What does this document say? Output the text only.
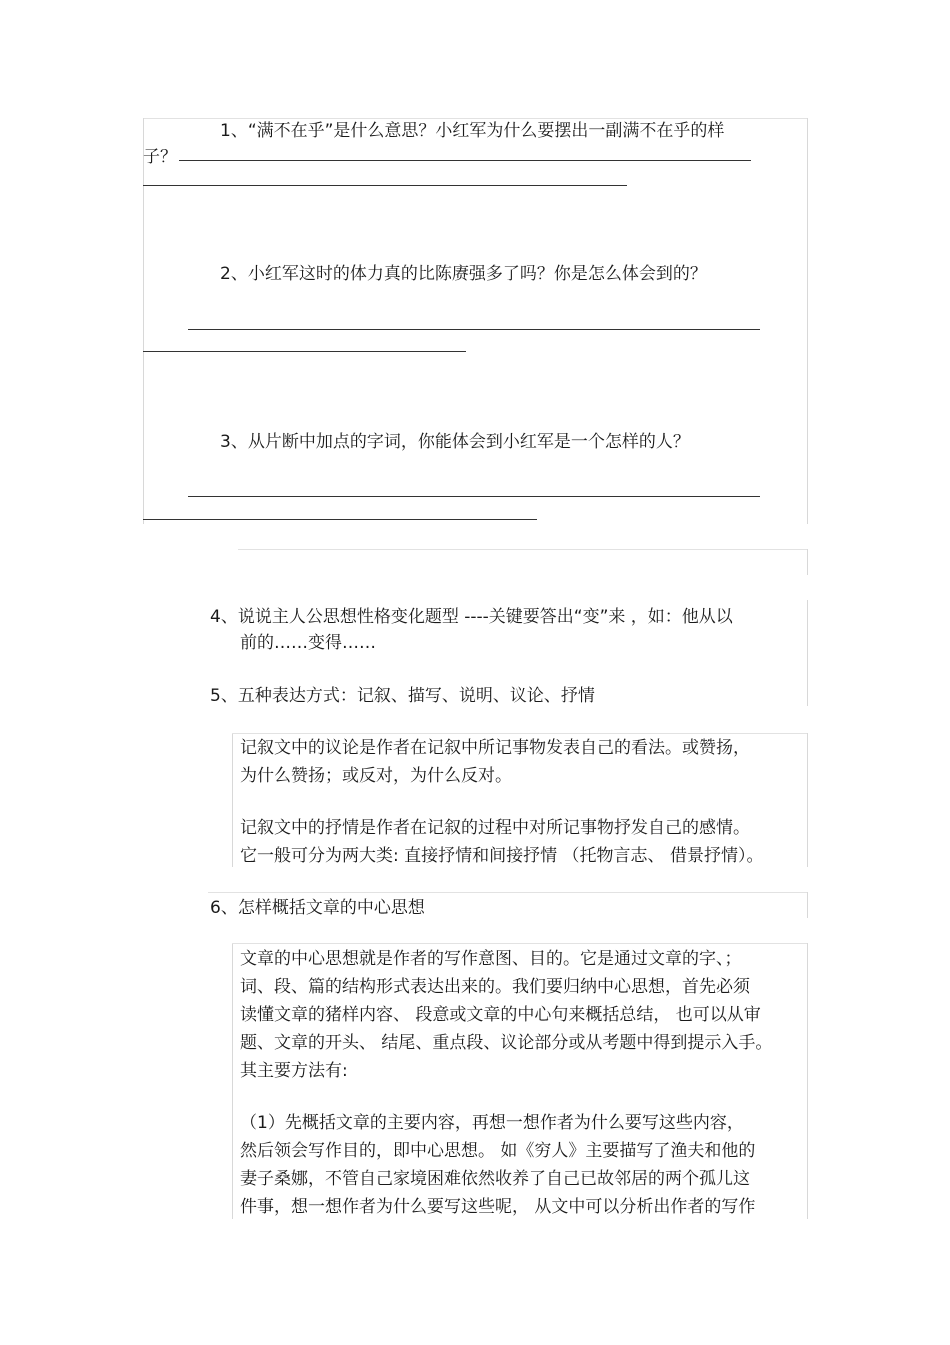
1、“满不在乎”是什么意思？小红军为什么要摆出一副满不在乎的样
子？
2、小红军这时的体力真的比陈赓强多了吗？你是怎么体会到的？
3、从片断中加点的字词，你能体会到小红军是一个怎样的人？
4、说说主人公思想性格变化题型 ----关键要答出“变”来 ，如：他从以
前的……变得……
5、五种表达方式：记叙、描写、说明、议论、抒情
记叙文中的议论是作者在记叙中所记事物发表自己的看法。或赞扬，
为什么赞扬；或反对，为什么反对。
记叙文中的抒情是作者在记叙的过程中对所记事物抒发自己的感情。
它一般可分为两大类: 直接抒情和间接抒情 （托物言志、 借景抒情）。
6、怎样概括文章的中心思想
文章的中心思想就是作者的写作意图、目的。它是通过文章的字、；
词、段、篇的结构形式表达出来的。我们要归纳中心思想，首先必须
读懂文章的猪样内容、 段意或文章的中心句来概括总结， 也可以从审
题、文章的开头、 结尾、重点段、议论部分或从考题中得到提示入手。
其主要方法有:
（1）先概括文章的主要内容，再想一想作者为什么要写这些内容，
然后领会写作目的，即中心思想。 如《穷人》主要描写了渔夫和他的
妻子桑娜，不管自己家境困难依然收养了自己已故邻居的两个孤儿这
件事，想一想作者为什么要写这些呢， 从文中可以分析出作者的写作
